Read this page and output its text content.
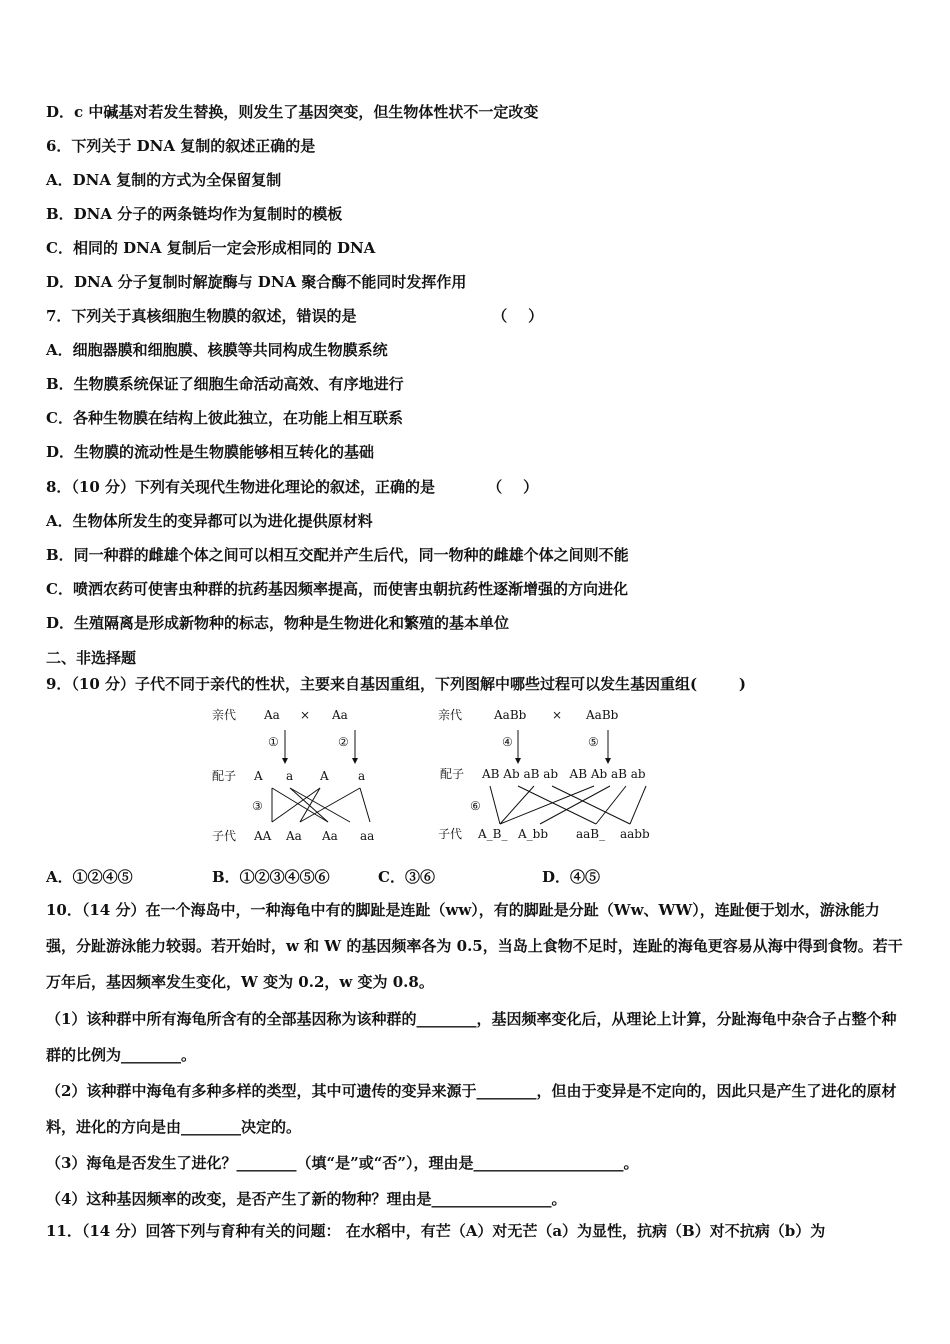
D．c 中碱基对若发生替换，则发生了基因突变，但生物体性状不一定改变
6．下列关于 DNA 复制的叙述正确的是
A．DNA 复制的方式为全保留复制
B．DNA 分子的两条链均作为复制时的模板
C．相同的 DNA 复制后一定会形成相同的 DNA
D．DNA 分子复制时解旋酶与 DNA 聚合酶不能同时发挥作用
7．下列关于真核细胞生物膜的叙述，错误的是                          （    ）
A．细胞器膜和细胞膜、核膜等共同构成生物膜系统
B．生物膜系统保证了细胞生命活动高效、有序地进行
C．各种生物膜在结构上彼此独立，在功能上相互联系
D．生物膜的流动性是生物膜能够相互转化的基础
8．（10 分）下列有关现代生物进化理论的叙述，正确的是          （    ）
A．生物体所发生的变异都可以为进化提供原材料
B．同一种群的雌雄个体之间可以相互交配并产生后代，同一物种的雌雄个体之间则不能
C．喷洒农药可使害虫种群的抗药基因频率提高，而使害虫朝抗药性逐渐增强的方向进化
D．生殖隔离是形成新物种的标志，物种是生物进化和繁殖的基本单位
二、非选择题
9．（10 分）子代不同于亲代的性状，主要来自基因重组，下列图解中哪些过程可以发生基因重组(        )
亲代 Aa × Aa
①	②
配子 A a A a
③
子代 AA Aa Aa aa
亲代	AaBb × AaBb
④	⑤
配子 AB Ab aB ab   AB Ab aB ab
⑥
子代 A_B_ A_bb aaB_ aabb
A．①②④⑤	B．①②③④⑤⑥	C．③⑥	D．④⑤
10．（14 分）在一个海岛中，一种海龟中有的脚趾是连趾（ww），有的脚趾是分趾（Ww、WW），连趾便于划水，游泳能力强，分趾游泳能力较弱。若开始时，w 和 W 的基因频率各为 0.5，当岛上食物不足时，连趾的海龟更容易从海中得到食物。若干万年后，基因频率发生变化，W 变为 0.2，w 变为 0.8。
（1）该种群中所有海龟所含有的全部基因称为该种群的________，基因频率变化后，从理论上计算，分趾海龟中杂合子占整个种群的比例为________。
（2）该种群中海龟有多种多样的类型，其中可遗传的变异来源于________，但由于变异是不定向的，因此只是产生了进化的原材料，进化的方向是由________决定的。
（3）海龟是否发生了进化？________（填“是”或“否”），理由是____________________。
（4）这种基因频率的改变，是否产生了新的物种？理由是________________。
11．（14 分）回答下列与育种有关的问题： 在水稻中，有芒（A）对无芒（a）为显性，抗病（B）对不抗病（b）为
